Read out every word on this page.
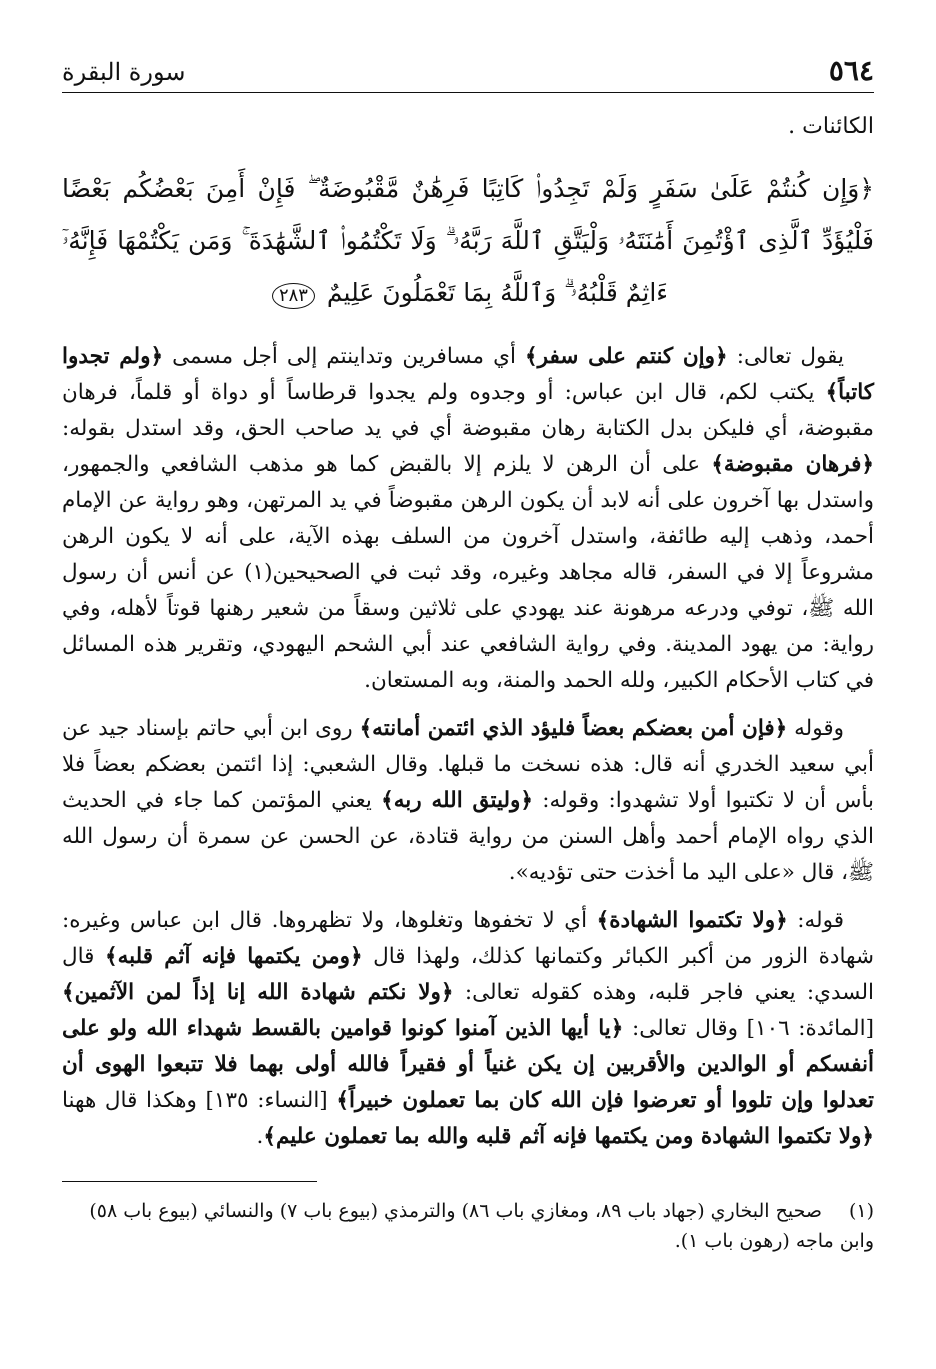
٥٦٤
سورة البقرة
الكائنات .
﴿وَإِن كُنتُمْ عَلَىٰ سَفَرٍ وَلَمْ تَجِدُوا۟ كَاتِبًا فَرِهَٰنٌ مَّقْبُوضَةٌ ۖ فَإِنْ أَمِنَ بَعْضُكُم بَعْضًا فَلْيُؤَدِّ ٱلَّذِى ٱؤْتُمِنَ أَمَٰنَتَهُۥ وَلْيَتَّقِ ٱللَّهَ رَبَّهُۥ ۗ وَلَا تَكْتُمُوا۟ ٱلشَّهَٰدَةَ ۚ وَمَن يَكْتُمْهَا فَإِنَّهُۥٓ ءَاثِمٌ قَلْبُهُۥ ۗ وَٱللَّهُ بِمَا تَعْمَلُونَ عَلِيمٌ ٢٨٣

يقول تعالى: ﴿وإن كنتم على سفر﴾ أي مسافرين وتداينتم إلى أجل مسمى ﴿ولم تجدوا كاتباً﴾ يكتب لكم، قال ابن عباس: أو وجدوه ولم يجدوا قرطاساً أو دواة أو قلماً، فرهان مقبوضة، أي فليكن بدل الكتابة رهان مقبوضة أي في يد صاحب الحق، وقد استدل بقوله: ﴿فرهان مقبوضة﴾ على أن الرهن لا يلزم إلا بالقبض كما هو مذهب الشافعي والجمهور، واستدل بها آخرون على أنه لابد أن يكون الرهن مقبوضاً في يد المرتهن، وهو رواية عن الإمام أحمد، وذهب إليه طائفة، واستدل آخرون من السلف بهذه الآية، على أنه لا يكون الرهن مشروعاً إلا في السفر، قاله مجاهد وغيره، وقد ثبت في الصحيحين(١) عن أنس أن رسول الله ﷺ، توفي ودرعه مرهونة عند يهودي على ثلاثين وسقاً من شعير رهنها قوتاً لأهله، وفي رواية: من يهود المدينة. وفي رواية الشافعي عند أبي الشحم اليهودي، وتقرير هذه المسائل في كتاب الأحكام الكبير، ولله الحمد والمنة، وبه المستعان.

وقوله ﴿فإن أمن بعضكم بعضاً فليؤد الذي ائتمن أمانته﴾ روى ابن أبي حاتم بإسناد جيد عن أبي سعيد الخدري أنه قال: هذه نسخت ما قبلها. وقال الشعبي: إذا ائتمن بعضكم بعضاً فلا بأس أن لا تكتبوا أولا تشهدوا: وقوله: ﴿وليتق الله ربه﴾ يعني المؤتمن كما جاء في الحديث الذي رواه الإمام أحمد وأهل السنن من رواية قتادة، عن الحسن عن سمرة أن رسول الله ﷺ، قال «على اليد ما أخذت حتى تؤديه».

قوله: ﴿ولا تكتموا الشهادة﴾ أي لا تخفوها وتغلوها، ولا تظهروها. قال ابن عباس وغيره: شهادة الزور من أكبر الكبائر وكتمانها كذلك، ولهذا قال ﴿ومن يكتمها فإنه آثم قلبه﴾ قال السدي: يعني فاجر قلبه، وهذه كقوله تعالى: ﴿ولا نكتم شهادة الله إنا إذاً لمن الآثمين﴾ [المائدة: ١٠٦] وقال تعالى: ﴿يا أيها الذين آمنوا كونوا قوامين بالقسط شهداء الله ولو على أنفسكم أو الوالدين والأقربين إن يكن غنياً أو فقيراً فالله أولى بهما فلا تتبعوا الهوى أن تعدلوا وإن تلووا أو تعرضوا فإن الله كان بما تعملون خبيراً﴾ [النساء: ١٣٥] وهكذا قال ههنا ﴿ولا تكتموا الشهادة ومن يكتمها فإنه آثم قلبه والله بما تعملون عليم﴾.

(١)صحيح البخاري (جهاد باب ٨٩، ومغازي باب ٨٦) والترمذي (بيوع باب ٧) والنسائي (بيوع باب ٥٨) وابن ماجه (رهون باب ١).
